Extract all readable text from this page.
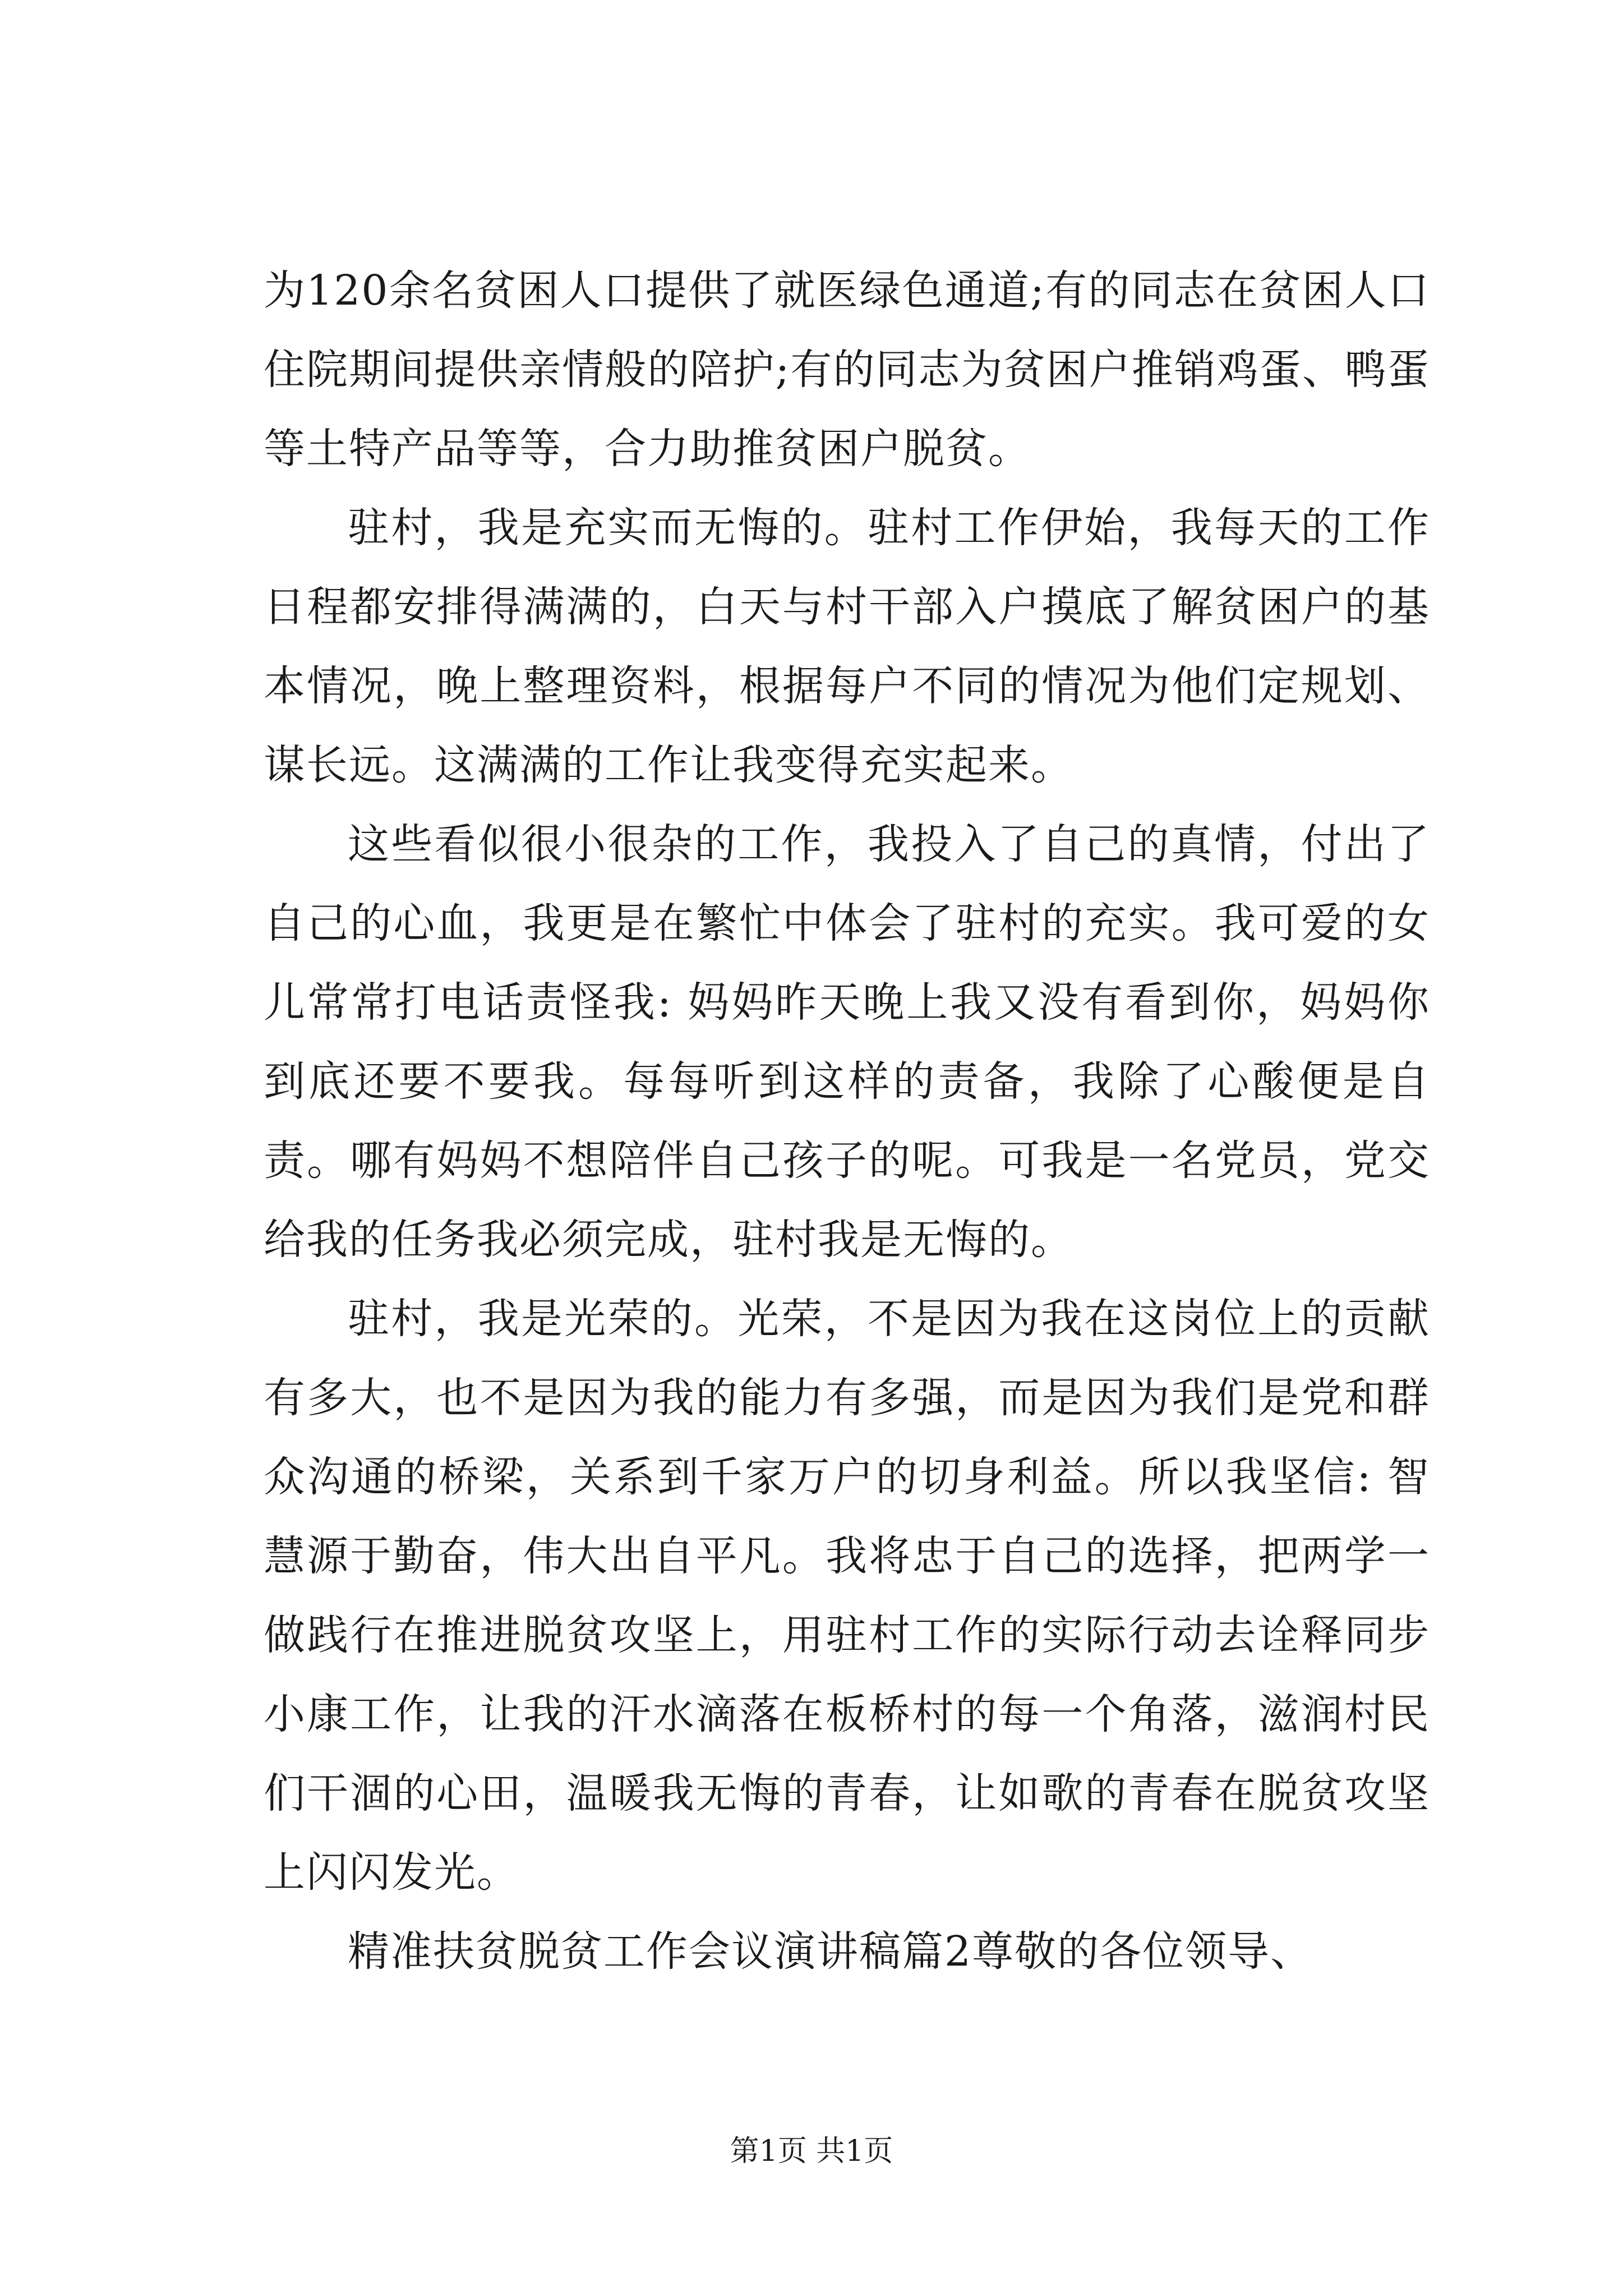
为120余名贫困人口提供了就医绿色通道;有的同志在贫困人口住院期间提供亲情般的陪护;有的同志为贫困户推销鸡蛋、鸭蛋等土特产品等等，合力助推贫困户脱贫。

驻村，我是充实而无悔的。驻村工作伊始，我每天的工作日程都安排得满满的，白天与村干部入户摸底了解贫困户的基本情况，晚上整理资料，根据每户不同的情况为他们定规划、谋长远。这满满的工作让我变得充实起来。

这些看似很小很杂的工作，我投入了自己的真情，付出了自己的心血，我更是在繁忙中体会了驻村的充实。我可爱的女儿常常打电话责怪我: 妈妈昨天晚上我又没有看到你，妈妈你到底还要不要我。每每听到这样的责备，我除了心酸便是自责。哪有妈妈不想陪伴自己孩子的呢。可我是一名党员，党交给我的任务我必须完成，驻村我是无悔的。

驻村，我是光荣的。光荣，不是因为我在这岗位上的贡献有多大，也不是因为我的能力有多强，而是因为我们是党和群众沟通的桥梁，关系到千家万户的切身利益。所以我坚信: 智慧源于勤奋，伟大出自平凡。我将忠于自己的选择，把两学一做践行在推进脱贫攻坚上，用驻村工作的实际行动去诠释同步小康工作，让我的汗水滴落在板桥村的每一个角落，滋润村民们干涸的心田，温暖我无悔的青春，让如歌的青春在脱贫攻坚上闪闪发光。

精准扶贫脱贫工作会议演讲稿篇2尊敬的各位领导、

第1页 共1页
